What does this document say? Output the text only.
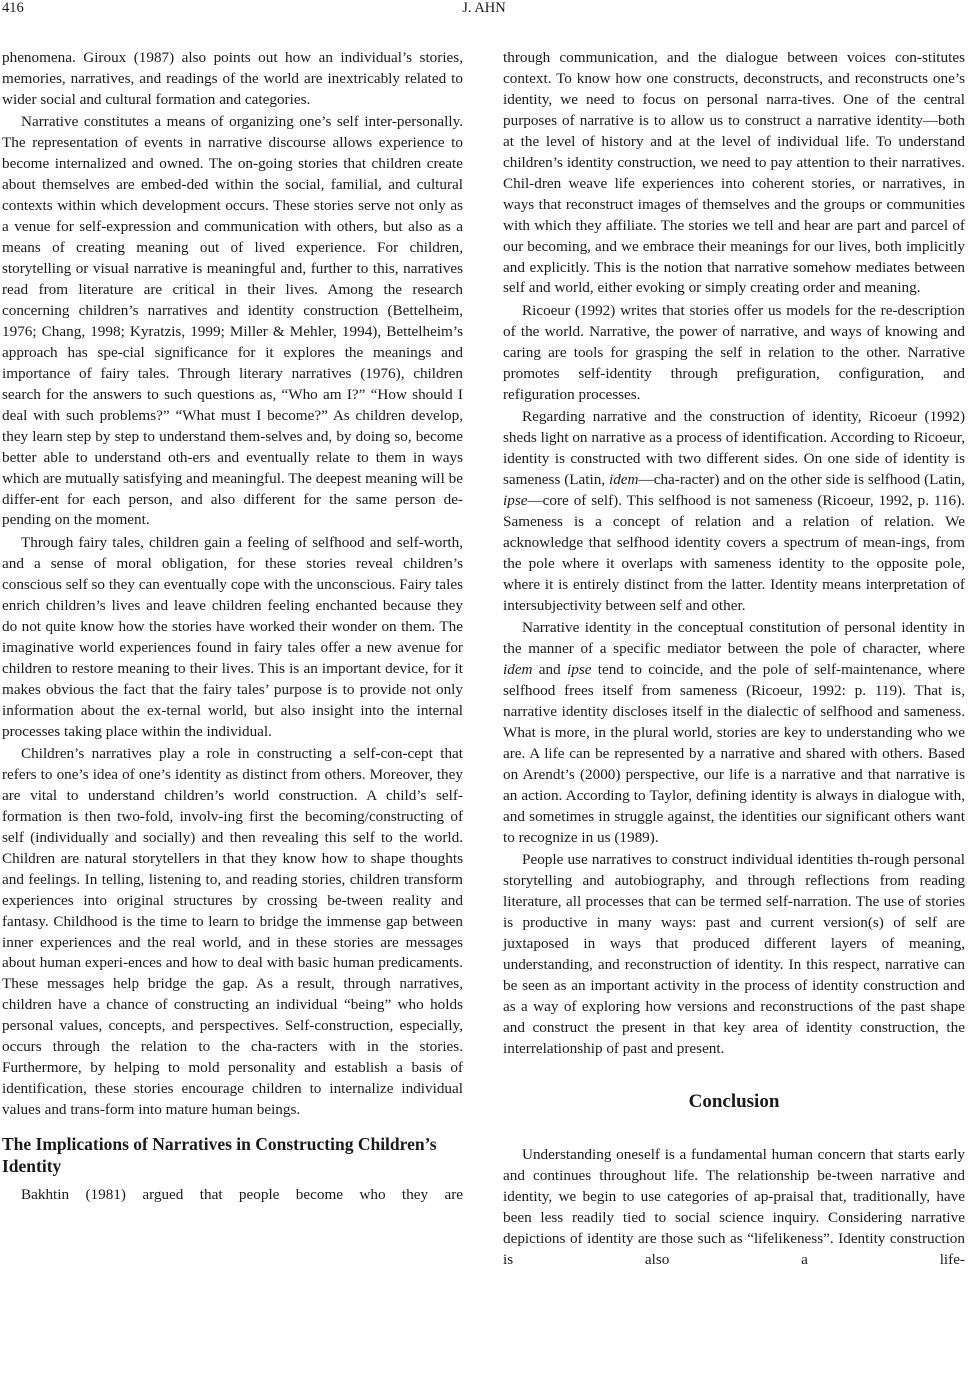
416	J. AHN

phenomena. Giroux (1987) also points out how an individual’s stories, memories, narratives, and readings of the world are inextricably related to wider social and cultural formation and categories.

Narrative constitutes a means of organizing one’s self inter-personally. The representation of events in narrative discourse allows experience to become internalized and owned. The on-going stories that children create about themselves are embed-ded within the social, familial, and cultural contexts within which development occurs. These stories serve not only as a venue for self-expression and communication with others, but also as a means of creating meaning out of lived experience. For children, storytelling or visual narrative is meaningful and, further to this, narratives read from literature are critical in their lives. Among the research concerning children’s narratives and identity construction (Bettelheim, 1976; Chang, 1998; Kyratzis, 1999; Miller & Mehler, 1994), Bettelheim’s approach has spe-cial significance for it explores the meanings and importance of fairy tales. Through literary narratives (1976), children search for the answers to such questions as, “Who am I?” “How should I deal with such problems?” “What must I become?” As children develop, they learn step by step to understand them-selves and, by doing so, become better able to understand oth-ers and eventually relate to them in ways which are mutually satisfying and meaningful. The deepest meaning will be differ-ent for each person, and also different for the same person de-pending on the moment.

Through fairy tales, children gain a feeling of selfhood and self-worth, and a sense of moral obligation, for these stories reveal children’s conscious self so they can eventually cope with the unconscious. Fairy tales enrich children’s lives and leave children feeling enchanted because they do not quite know how the stories have worked their wonder on them. The imaginative world experiences found in fairy tales offer a new avenue for children to restore meaning to their lives. This is an important device, for it makes obvious the fact that the fairy tales’ purpose is to provide not only information about the ex-ternal world, but also insight into the internal processes taking place within the individual.

Children’s narratives play a role in constructing a self-con-cept that refers to one’s idea of one’s identity as distinct from others. Moreover, they are vital to understand children’s world construction. A child’s self-formation is then two-fold, involv-ing first the becoming/constructing of self (individually and socially) and then revealing this self to the world. Children are natural storytellers in that they know how to shape thoughts and feelings. In telling, listening to, and reading stories, children transform experiences into original structures by crossing be-tween reality and fantasy. Childhood is the time to learn to bridge the immense gap between inner experiences and the real world, and in these stories are messages about human experi-ences and how to deal with basic human predicaments. These messages help bridge the gap. As a result, through narratives, children have a chance of constructing an individual “being” who holds personal values, concepts, and perspectives. Self-construction, especially, occurs through the relation to the cha-racters with in the stories. Furthermore, by helping to mold personality and establish a basis of identification, these stories encourage children to internalize individual values and trans-form into mature human beings.

The Implications of Narratives in Constructing Children’s Identity

Bakhtin (1981) argued that people become who they are

through communication, and the dialogue between voices con-stitutes context. To know how one constructs, deconstructs, and reconstructs one’s identity, we need to focus on personal narra-tives. One of the central purposes of narrative is to allow us to construct a narrative identity—both at the level of history and at the level of individual life. To understand children’s identity construction, we need to pay attention to their narratives. Chil-dren weave life experiences into coherent stories, or narratives, in ways that reconstruct images of themselves and the groups or communities with which they affiliate. The stories we tell and hear are part and parcel of our becoming, and we embrace their meanings for our lives, both implicitly and explicitly. This is the notion that narrative somehow mediates between self and world, either evoking or simply creating order and meaning.

Ricoeur (1992) writes that stories offer us models for the re-description of the world. Narrative, the power of narrative, and ways of knowing and caring are tools for grasping the self in relation to the other. Narrative promotes self-identity through prefiguration, configuration, and refiguration processes.

Regarding narrative and the construction of identity, Ricoeur (1992) sheds light on narrative as a process of identification. According to Ricoeur, identity is constructed with two different sides. On one side of identity is sameness (Latin, idem—cha-racter) and on the other side is selfhood (Latin, ipse—core of self). This selfhood is not sameness (Ricoeur, 1992, p. 116). Sameness is a concept of relation and a relation of relation. We acknowledge that selfhood identity covers a spectrum of mean-ings, from the pole where it overlaps with sameness identity to the opposite pole, where it is entirely distinct from the latter. Identity means interpretation of intersubjectivity between self and other.

Narrative identity in the conceptual constitution of personal identity in the manner of a specific mediator between the pole of character, where idem and ipse tend to coincide, and the pole of self-maintenance, where selfhood frees itself from sameness (Ricoeur, 1992: p. 119). That is, narrative identity discloses itself in the dialectic of selfhood and sameness. What is more, in the plural world, stories are key to understanding who we are. A life can be represented by a narrative and shared with others. Based on Arendt’s (2000) perspective, our life is a narrative and that narrative is an action. According to Taylor, defining identity is always in dialogue with, and sometimes in struggle against, the identities our significant others want to recognize in us (1989).

People use narratives to construct individual identities th-rough personal storytelling and autobiography, and through reflections from reading literature, all processes that can be termed self-narration. The use of stories is productive in many ways: past and current version(s) of self are juxtaposed in ways that produced different layers of meaning, understanding, and reconstruction of identity. In this respect, narrative can be seen as an important activity in the process of identity construction and as a way of exploring how versions and reconstructions of the past shape and construct the present in that key area of identity construction, the interrelationship of past and present.

Conclusion

Understanding oneself is a fundamental human concern that starts early and continues throughout life. The relationship be-tween narrative and identity, we begin to use categories of ap-praisal that, traditionally, have been less readily tied to social science inquiry. Considering narrative depictions of identity are those such as “lifelikeness”. Identity construction is also a life-
